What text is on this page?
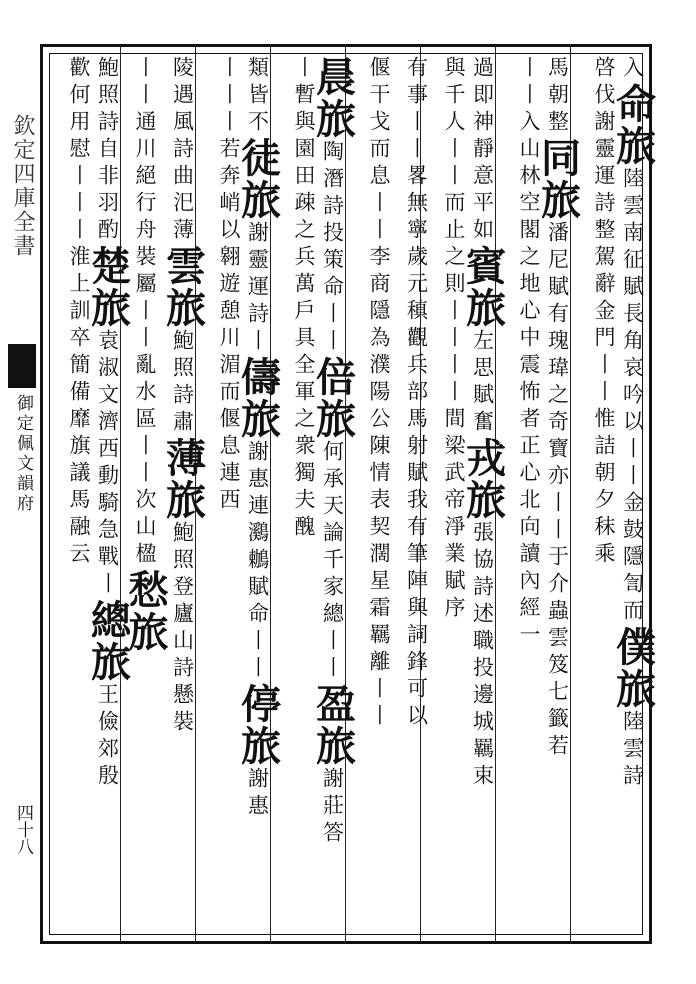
欽定四庫全書
御定佩文韻府
四十八
入命旅陸雲南征賦長角哀吟以丨丨金鼓隱訇而僕旅陸雲詩
啓伐謝靈運詩整駕辭金門丨丨惟詰朝夕秣乘
馬朝整同旅潘尼賦有瑰瑋之奇寶亦丨丨于介蟲雲笈七籤若
丨丨入山林空閣之地心中震怖者正心北向讀內經一
過即神靜意平如賓旅左思賦奮戎旅張協詩述職投邊城羈束
與千人丨丨而止之則丨丨丨丨間梁武帝淨業賦序
有事丨丨畧無寧歲元稹觀兵部馬射賦我有筆陣與詞鋒可以
偃干戈而息丨丨李商隱為濮陽公陳情表契濶星霜羈離丨丨
晨旅陶潛詩投策命丨丨倍旅何承天論千家總丨丨盈旅謝莊答
丨暫與園田疎之兵萬戶具全軍之衆獨夫醜
類皆不徒旅謝靈運詩丨儔旅謝惠連鸂鶒賦命丨丨停旅謝惠
丨丨丨若奔峭以翱遊憩川湄而偃息連西
陵遇風詩曲汜薄雲旅鮑照詩肅薄旅鮑照登廬山詩懸裝
丨丨通川絕行舟裝屬丨丨亂水區丨丨次山楹愁旅
鮑照詩自非羽酌楚旅袁淑文濟西動騎急戰丨總旅王儉郊殷
歡何用慰丨丨丨淮上訓卒簡備靡旗議馬融云
